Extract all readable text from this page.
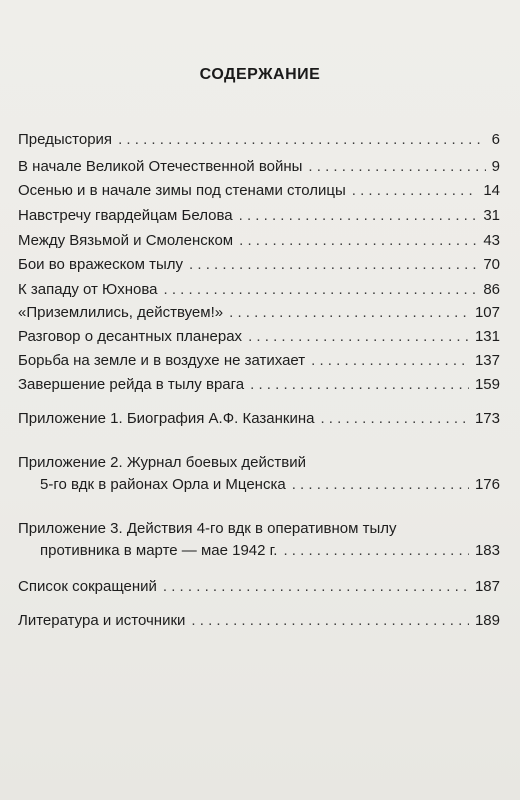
СОДЕРЖАНИЕ
Предыстория . . .	6
В начале Великой Отечественной войны . . .	9
Осенью и в начале зимы под стенами столицы . . .	14
Навстречу гвардейцам Белова . . .	31
Между Вязьмой и Смоленском . . .	43
Бои во вражеском тылу . . .	70
К западу от Юхнова . . .	86
«Приземлились, действуем!» . . .	107
Разговор о десантных планерах . . .	131
Борьба на земле и в воздухе не затихает . . .	137
Завершение рейда в тылу врага . . .	159
Приложение 1. Биография А.Ф. Казанкина . . .	173
Приложение 2. Журнал боевых действий
5-го вдк в районах Орла и Мценска . . .	176
Приложение 3. Действия 4-го вдк в оперативном тылу
противника в марте — мае 1942 г. . . .	183
Список сокращений . . .	187
Литература и источники . . .	189
